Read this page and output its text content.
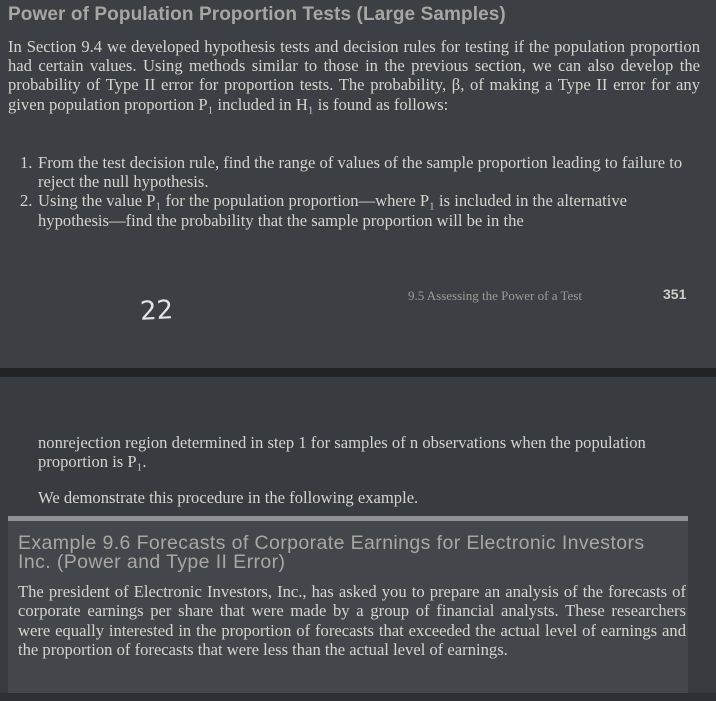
Power of Population Proportion Tests (Large Samples)
In Section 9.4 we developed hypothesis tests and decision rules for testing if the population proportion had certain values. Using methods similar to those in the previous section, we can also develop the probability of Type II error for proportion tests. The probability, β, of making a Type II error for any given population proportion P₁ included in H₁ is found as follows:
1. From the test decision rule, find the range of values of the sample proportion leading to failure to reject the null hypothesis.
2. Using the value P₁ for the population proportion—where P₁ is included in the alternative hypothesis—find the probability that the sample proportion will be in the
9.5 Assessing the Power of a Test	351
22
nonrejection region determined in step 1 for samples of n observations when the population proportion is P₁.
We demonstrate this procedure in the following example.
Example 9.6 Forecasts of Corporate Earnings for Electronic Investors Inc. (Power and Type II Error)
The president of Electronic Investors, Inc., has asked you to prepare an analysis of the forecasts of corporate earnings per share that were made by a group of financial analysts. These researchers were equally interested in the proportion of forecasts that exceeded the actual level of earnings and the proportion of forecasts that were less than the actual level of earnings.
